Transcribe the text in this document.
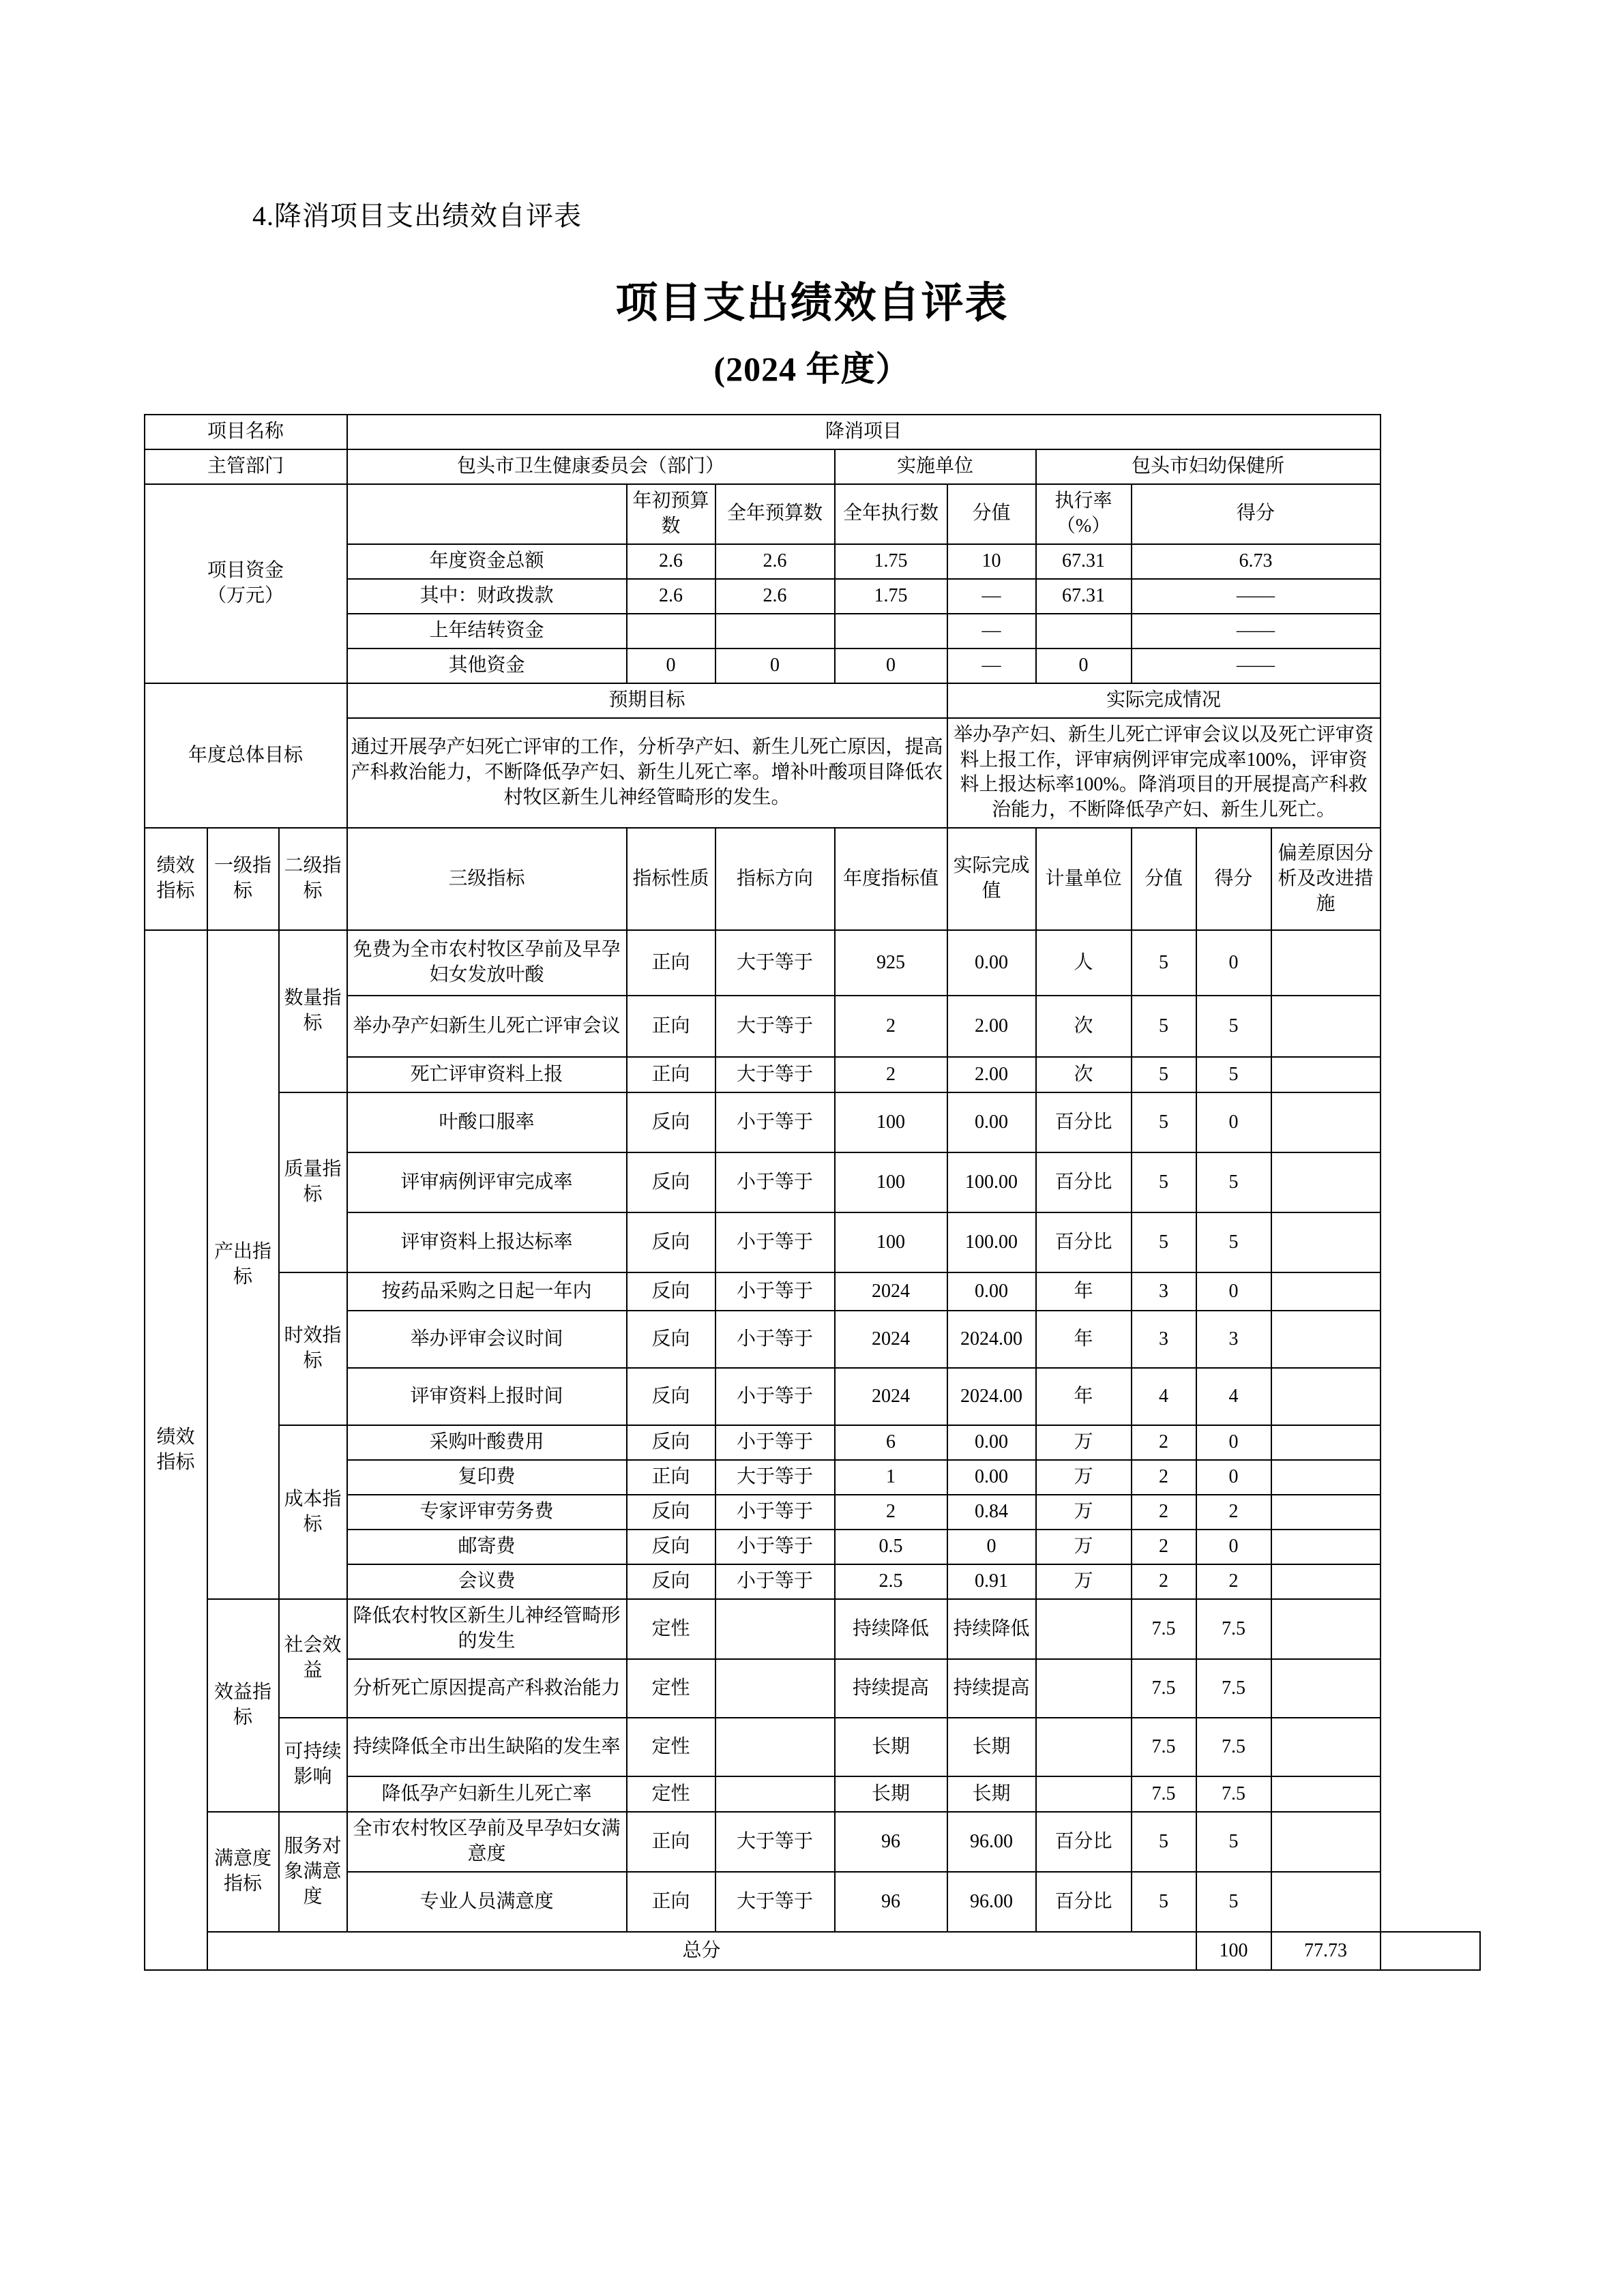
4.降消项目支出绩效自评表
项目支出绩效自评表
(2024 年度）
项目名称			降消项目									
主管部门			包头市卫生健康委员会（部门）			实施单位		包头市妇幼保健所				

项目资金
（万元）				年初预算数	全年预算数	全年执行数	分值	执行率（%）	得分			
			年度资金总额	2.6	2.6	1.75	10	67.31	6.73			
			其中：财政拨款	2.6	2.6	1.75	—	67.31	——			
			上年结转资金				—		——			
			其他资金	0	0	0	—	0	——			
年度总体目标			预期目标				实际完成情况					
			通过开展孕产妇死亡评审的工作，分析孕产妇、新生儿死亡原因，提高产科救治能力，不断降低孕产妇、新生儿死亡率。增补叶酸项目降低农村牧区新生儿神经管畸形的发生。				举办孕产妇、新生儿死亡评审会议以及死亡评审资料上报工作，评审病例评审完成率100%，评审资料上报达标率100%。降消项目的开展提高产科救治能力，不断降低孕产妇、新生儿死亡。					
绩效指标	一级指标	二级指标	三级指标	指标性质	指标方向	年度指标值	实际完成值	计量单位	分值	得分	偏差原因分析及改进措施	
绩效指标	产出指标	数量指标	免费为全市农村牧区孕前及早孕妇女发放叶酸	正向	大于等于	925	0.00	人	5	0		
			举办孕产妇新生儿死亡评审会议	正向	大于等于	2	2.00	次	5	5		
			死亡评审资料上报	正向	大于等于	2	2.00	次	5	5		
		质量指标	叶酸口服率	反向	小于等于	100	0.00	百分比	5	0		
			评审病例评审完成率	反向	小于等于	100	100.00	百分比	5	5		
			评审资料上报达标率	反向	小于等于	100	100.00	百分比	5	5		
		时效指标	按药品采购之日起一年内	反向	小于等于	2024	0.00	年	3	0		
			举办评审会议时间	反向	小于等于	2024	2024.00	年	3	3		
			评审资料上报时间	反向	小于等于	2024	2024.00	年	4	4		
		成本指标	采购叶酸费用	反向	小于等于	6	0.00	万	2	0		
			复印费	正向	大于等于	1	0.00	万	2	0		
			专家评审劳务费	反向	小于等于	2	0.84	万	2	2		
			邮寄费	反向	小于等于	0.5	0	万	2	0		
			会议费	反向	小于等于	2.5	0.91	万	2	2		
	效益指标	社会效益	降低农村牧区新生儿神经管畸形的发生	定性		持续降低	持续降低		7.5	7.5		
			分析死亡原因提高产科救治能力	定性		持续提高	持续提高		7.5	7.5		
		可持续影响	持续降低全市出生缺陷的发生率	定性		长期	长期		7.5	7.5		
			降低孕产妇新生儿死亡率	定性		长期	长期		7.5	7.5		
	满意度指标	服务对象满意度	全市农村牧区孕前及早孕妇女满意度	正向	大于等于	96	96.00	百分比	5	5		
			专业人员满意度	正向	大于等于	96	96.00	百分比	5	5		
	总分									100	77.73	
